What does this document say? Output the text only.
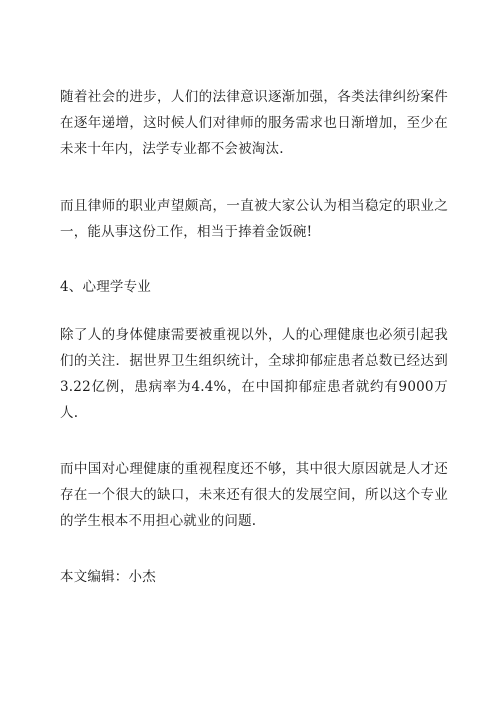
随着社会的进步，人们的法律意识逐渐加强，各类法律纠纷案件在逐年递增，这时候人们对律师的服务需求也日渐增加，至少在未来十年内，法学专业都不会被淘汰.

而且律师的职业声望颇高，一直被大家公认为相当稳定的职业之一，能从事这份工作，相当于捧着金饭碗!

4、心理学专业

除了人的身体健康需要被重视以外，人的心理健康也必须引起我们的关注．据世界卫生组织统计，全球抑郁症患者总数已经达到3.22亿例，患病率为4.4%，在中国抑郁症患者就约有9000万人.

而中国对心理健康的重视程度还不够，其中很大原因就是人才还存在一个很大的缺口，未来还有很大的发展空间，所以这个专业的学生根本不用担心就业的问题.

本文编辑：小杰
